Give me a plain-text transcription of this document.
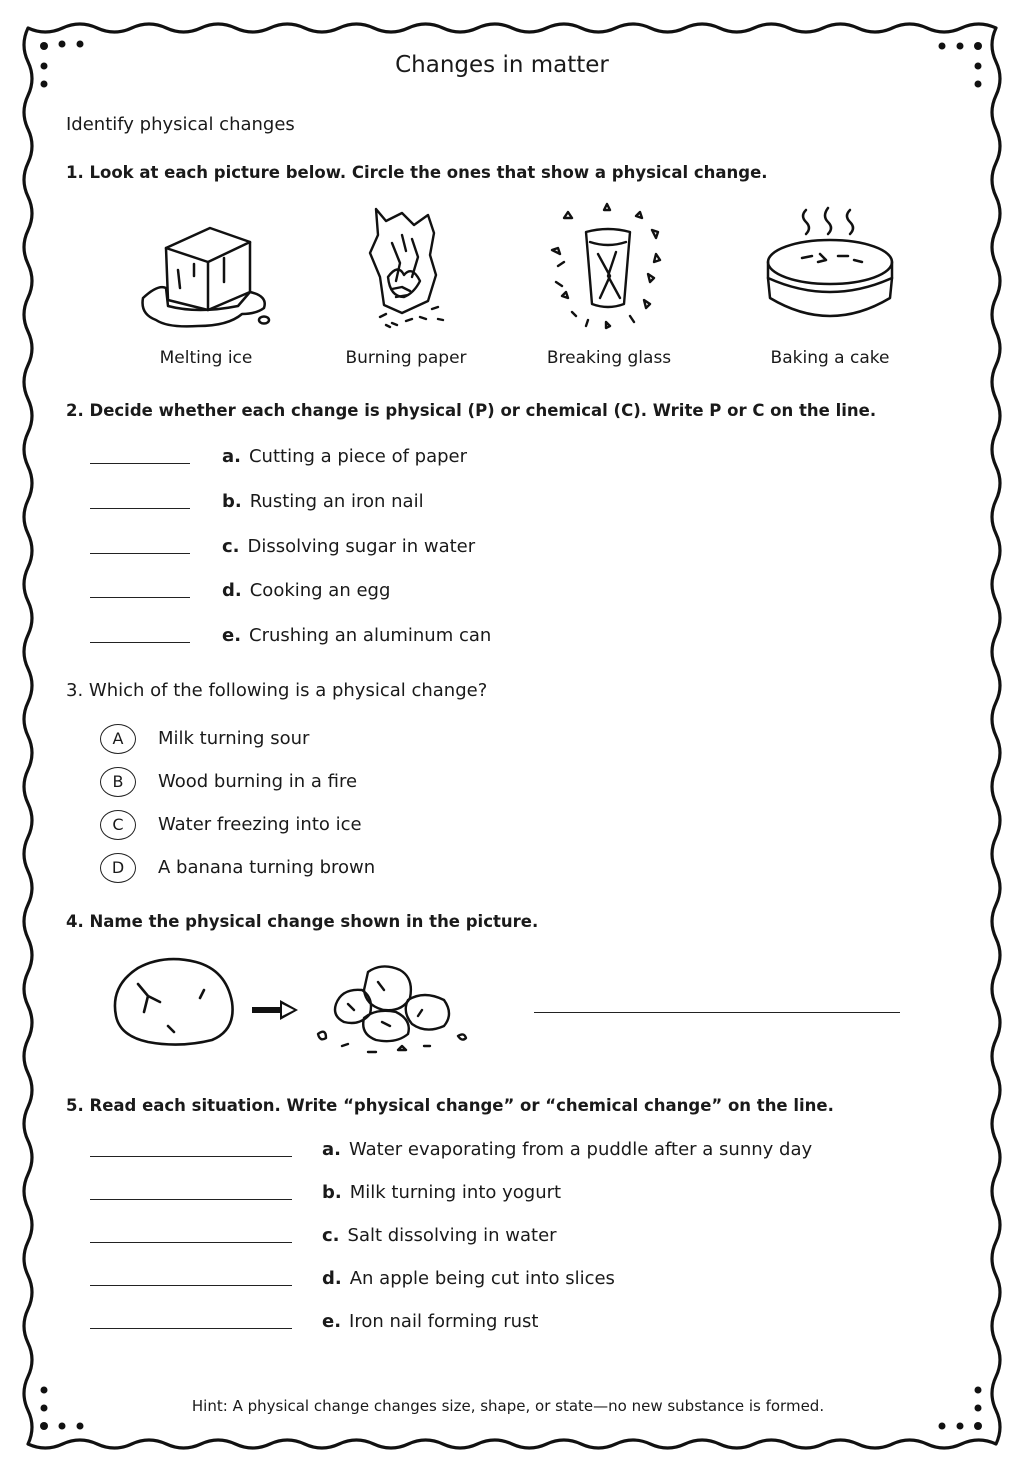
Changes in matter
Identify physical changes
1. Look at each picture below. Circle the ones that show a physical change.
Melting ice	Burning paper	Breaking glass	Baking a cake
2. Decide whether each change is physical (P) or chemical (C). Write P or C on the line.
a. Cutting a piece of paper
b. Rusting an iron nail
c. Dissolving sugar in water
d. Cooking an egg
e. Crushing an aluminum can
3. Which of the following is a physical change?
A	Milk turning sour
B	Wood burning in a fire
C	Water freezing into ice
D	A banana turning brown
4. Name the physical change shown in the picture.
5. Read each situation. Write “physical change” or “chemical change” on the line.
a. Water evaporating from a puddle after a sunny day
b. Milk turning into yogurt
c. Salt dissolving in water
d. An apple being cut into slices
e. Iron nail forming rust
Hint: A physical change changes size, shape, or state—no new substance is formed.
